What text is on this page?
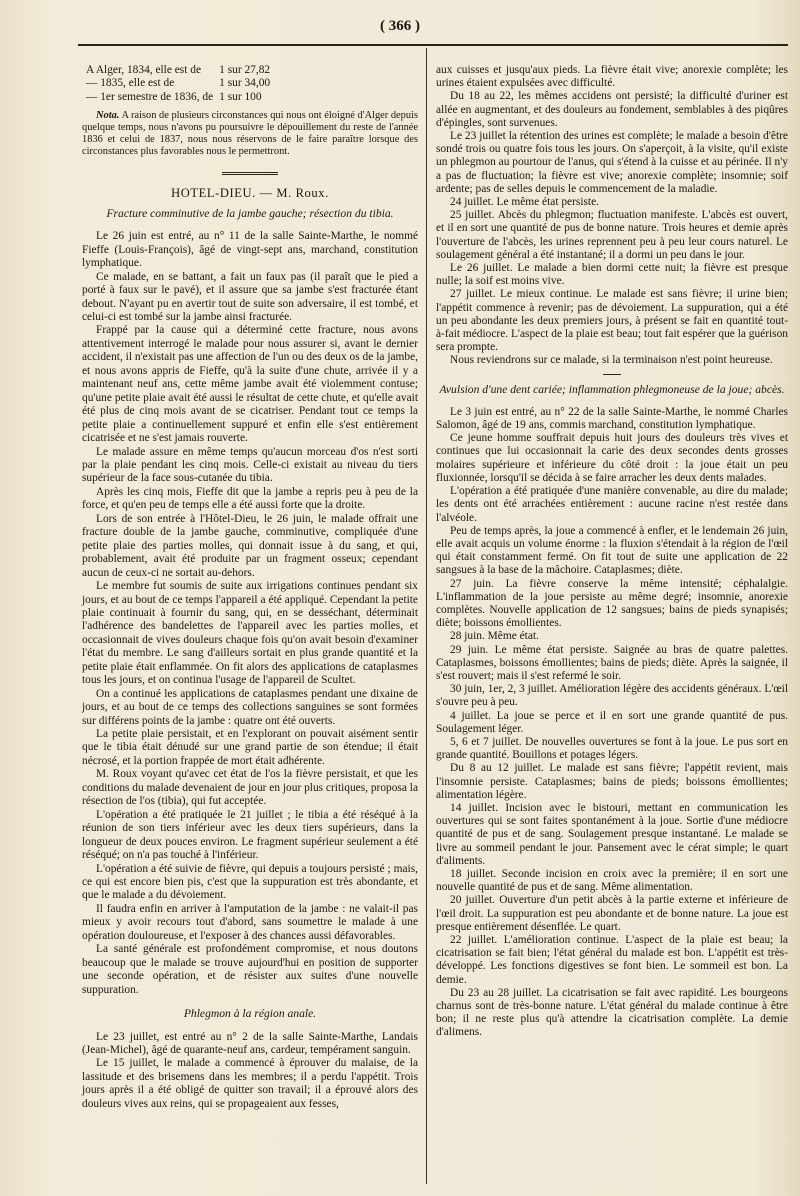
( 366 )
A Alger, 1834, elle est de	1 sur 27,82
— 1835, elle est de	1 sur 34,00
— 1er semestre de 1836, de	1 sur 100

Nota. A raison de plusieurs circonstances qui nous ont éloigné d'Alger depuis quelque temps, nous n'avons pu poursuivre le dépouillement du reste de l'année 1836 et celui de 1837, nous nous réservons de le faire paraître lorsque des circonstances plus favorables nous le permettront.

HOTEL-DIEU. — M. Roux.
Fracture comminutive de la jambe gauche; résection du tibia.

Le 26 juin est entré, au n° 11 de la salle Sainte-Marthe, le nommé Fieffe (Louis-François), âgé de vingt-sept ans, marchand, constitution lymphatique.

Ce malade, en se battant, a fait un faux pas (il paraît que le pied a porté à faux sur le pavé), et il assure que sa jambe s'est fracturée étant debout. N'ayant pu en avertir tout de suite son adversaire, il est tombé, et celui-ci est tombé sur la jambe ainsi fracturée.

Frappé par la cause qui a déterminé cette fracture, nous avons attentivement interrogé le malade pour nous assurer si, avant le dernier accident, il n'existait pas une affection de l'un ou des deux os de la jambe, et nous avons appris de Fieffe, qu'à la suite d'une chute, arrivée il y a maintenant neuf ans, cette même jambe avait été violemment contuse; qu'une petite plaie avait été aussi le résultat de cette chute, et qu'elle avait été plus de cinq mois avant de se cicatriser. Pendant tout ce temps la petite plaie a continuellement suppuré et enfin elle s'est entièrement cicatrisée et ne s'est jamais rouverte.

Le malade assure en même temps qu'aucun morceau d'os n'est sorti par la plaie pendant les cinq mois. Celle-ci existait au niveau du tiers supérieur de la face sous-cutanée du tibia.

Après les cinq mois, Fieffe dit que la jambe a repris peu à peu de la force, et qu'en peu de temps elle a été aussi forte que la droite.

Lors de son entrée à l'Hôtel-Dieu, le 26 juin, le malade offrait une fracture double de la jambe gauche, comminutive, compliquée d'une petite plaie des parties molles, qui donnait issue à du sang, et qui, probablement, avait été produite par un fragment osseux; cependant aucun de ceux-ci ne sortait au-dehors.

Le membre fut soumis de suite aux irrigations continues pendant six jours, et au bout de ce temps l'appareil a été appliqué. Cependant la petite plaie continuait à fournir du sang, qui, en se desséchant, déterminait l'adhérence des bandelettes de l'appareil avec les parties molles, et occasionnait de vives douleurs chaque fois qu'on avait besoin d'examiner l'état du membre. Le sang d'ailleurs sortait en plus grande quantité et la petite plaie était enflammée. On fit alors des applications de cataplasmes tous les jours, et on continua l'usage de l'appareil de Scultet.

On a continué les applications de cataplasmes pendant une dixaine de jours, et au bout de ce temps des collections sanguines se sont formées sur différens points de la jambe : quatre ont été ouverts.

La petite plaie persistait, et en l'explorant on pouvait aisément sentir que le tibia était dénudé sur une grand partie de son étendue; il était nécrosé, et la portion frappée de mort était adhérente.

M. Roux voyant qu'avec cet état de l'os la fièvre persistait, et que les conditions du malade devenaient de jour en jour plus critiques, proposa la résection de l'os (tibia), qui fut acceptée.

L'opération a été pratiquée le 21 juillet ; le tibia a été réséqué à la réunion de son tiers inférieur avec les deux tiers supérieurs, dans la longueur de deux pouces environ. Le fragment supérieur seulement a été réséqué; on n'a pas touché à l'inférieur.

L'opération a été suivie de fièvre, qui depuis a toujours persisté ; mais, ce qui est encore bien pis, c'est que la suppuration est très abondante, et que le malade a du dévoiement.

Il faudra enfin en arriver à l'amputation de la jambe : ne valait-il pas mieux y avoir recours tout d'abord, sans soumettre le malade à une opération douloureuse, et l'exposer à des chances aussi défavorables.

La santé générale est profondément compromise, et nous doutons beaucoup que le malade se trouve aujourd'hui en position de supporter une seconde opération, et de résister aux suites d'une nouvelle suppuration.

Phlegmon à la région anale.

Le 23 juillet, est entré au n° 2 de la salle Sainte-Marthe, Landais (Jean-Michel), âgé de quarante-neuf ans, cardeur, tempérament sanguin.

Le 15 juillet, le malade a commencé à éprouver du malaise, de la lassitude et des brisemens dans les membres; il a perdu l'appétit. Trois jours après il a été obligé de quitter son travail; il a éprouvé alors des douleurs vives aux reins, qui se propageaient aux fesses,

aux cuisses et jusqu'aux pieds. La fièvre était vive; anorexie complète; les urines étaient expulsées avec difficulté.

Du 18 au 22, les mêmes accidens ont persisté; la difficulté d'uriner est allée en augmentant, et des douleurs au fondement, semblables à des piqûres d'épingles, sont survenues.

Le 23 juillet la rétention des urines est complète; le malade a besoin d'être sondé trois ou quatre fois tous les jours. On s'aperçoit, à la visite, qu'il existe un phlegmon au pourtour de l'anus, qui s'étend à la cuisse et au périnée. Il n'y a pas de fluctuation; la fièvre est vive; anorexie complète; insomnie; soif ardente; pas de selles depuis le commencement de la maladie.

24 juillet. Le même état persiste.

25 juillet. Abcès du phlegmon; fluctuation manifeste. L'abcès est ouvert, et il en sort une quantité de pus de bonne nature. Trois heures et demie après l'ouverture de l'abcès, les urines reprennent peu à peu leur cours naturel. Le soulagement général a été instantané; il a dormi un peu dans le jour.

Le 26 juillet. Le malade a bien dormi cette nuit; la fièvre est presque nulle; la soif est moins vive.

27 juillet. Le mieux continue. Le malade est sans fièvre; il urine bien; l'appétit commence à revenir; pas de dévoiement. La suppuration, qui a été un peu abondante les deux premiers jours, à présent se fait en quantité tout-à-fait médiocre. L'aspect de la plaie est beau; tout fait espérer que la guérison sera prompte.

Nous reviendrons sur ce malade, si la terminaison n'est point heureuse.

Avulsion d'une dent cariée; inflammation phlegmoneuse de la joue; abcès.

Le 3 juin est entré, au n° 22 de la salle Sainte-Marthe, le nommé Charles Salomon, âgé de 19 ans, commis marchand, constitution lymphatique.

Ce jeune homme souffrait depuis huit jours des douleurs très vives et continues que lui occasionnait la carie des deux secondes dents grosses molaires supérieure et inférieure du côté droit : la joue était un peu fluxionnée, lorsqu'il se décida à se faire arracher les deux dents malades.

L'opération a été pratiquée d'une manière convenable, au dire du malade; les dents ont été arrachées entièrement : aucune racine n'est restée dans l'alvéole.

Peu de temps après, la joue a commencé à enfler, et le lendemain 26 juin, elle avait acquis un volume énorme : la fluxion s'étendait à la région de l'œil qui était constamment fermé. On fit tout de suite une application de 22 sangsues à la base de la mâchoire. Cataplasmes; diète.

27 juin. La fièvre conserve la même intensité; céphalalgie. L'inflammation de la joue persiste au même degré; insomnie, anorexie complètes. Nouvelle application de 12 sangsues; bains de pieds synapisés; diète; boissons émollientes.

28 juin. Même état.

29 juin. Le même état persiste. Saignée au bras de quatre palettes. Cataplasmes, boissons émollientes; bains de pieds; diète. Après la saignée, il s'est rouvert; mais il s'est refermé le soir.

30 juin, 1er, 2, 3 juillet. Amélioration légère des accidents généraux. L'œil s'ouvre peu à peu.

4 juillet. La joue se perce et il en sort une grande quantité de pus. Soulagement léger.

5, 6 et 7 juillet. De nouvelles ouvertures se font à la joue. Le pus sort en grande quantité. Bouillons et potages légers.

Du 8 au 12 juillet. Le malade est sans fièvre; l'appétit revient, mais l'insomnie persiste. Cataplasmes; bains de pieds; boissons émollientes; alimentation légère.

14 juillet. Incision avec le bistouri, mettant en communication les ouvertures qui se sont faites spontanément à la joue. Sortie d'une médiocre quantité de pus et de sang. Soulagement presque instantané. Le malade se livre au sommeil pendant le jour. Pansement avec le cérat simple; le quart d'aliments.

18 juillet. Seconde incision en croix avec la première; il en sort une nouvelle quantité de pus et de sang. Même alimentation.

20 juillet. Ouverture d'un petit abcès à la partie externe et inférieure de l'œil droit. La suppuration est peu abondante et de bonne nature. La joue est presque entièrement désenflée. Le quart.

22 juillet. L'amélioration continue. L'aspect de la plaie est beau; la cicatrisation se fait bien; l'état général du malade est bon. L'appétit est très-développé. Les fonctions digestives se font bien. Le sommeil est bon. La demie.

Du 23 au 28 juillet. La cicatrisation se fait avec rapidité. Les bourgeons charnus sont de très-bonne nature. L'état général du malade continue à être bon; il ne reste plus qu'à attendre la cicatrisation complète. La demie d'alimens.
